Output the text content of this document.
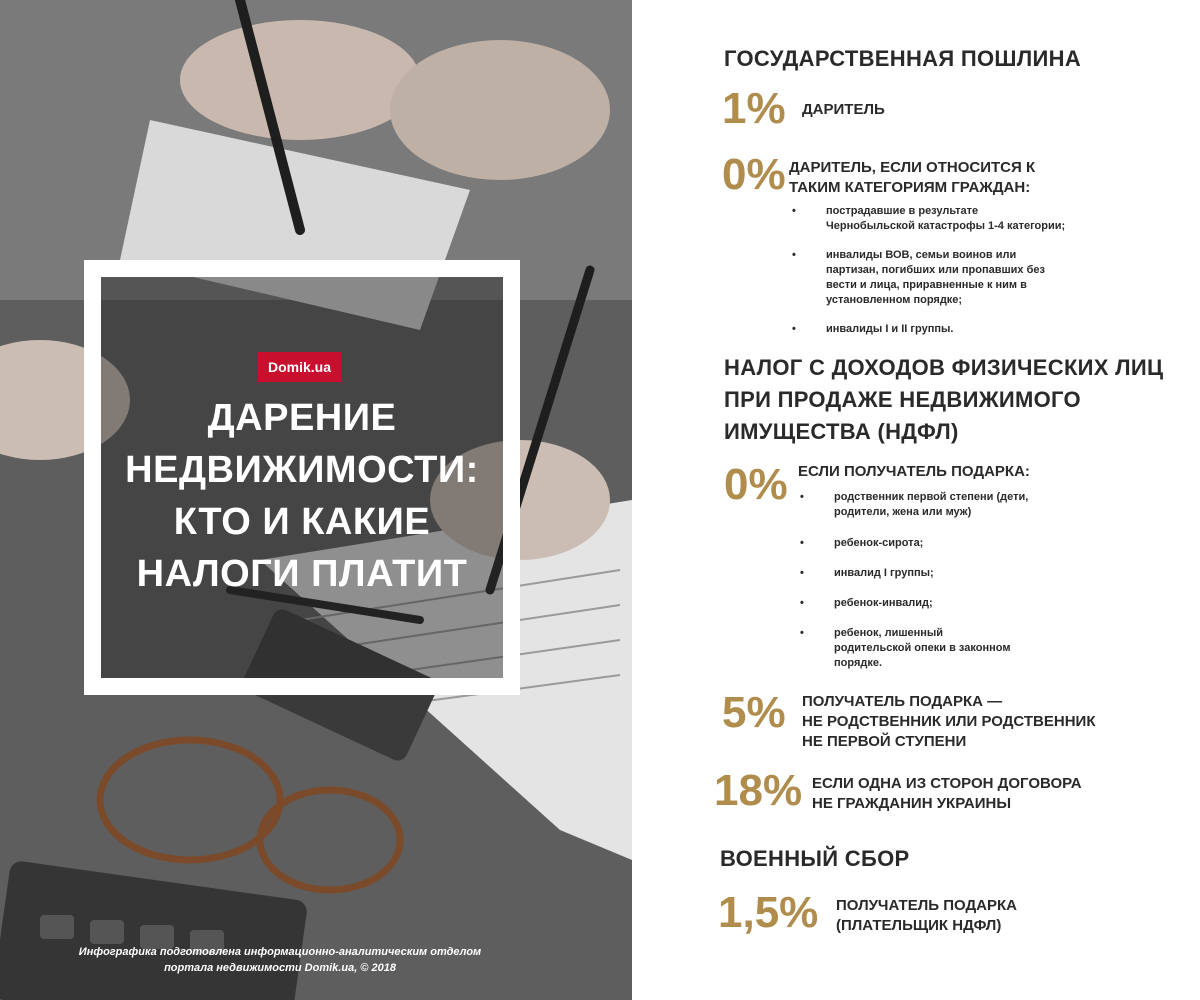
Domik.ua
ДАРЕНИЕ
НЕДВИЖИМОСТИ:
КТО И КАКИЕ
НАЛОГИ ПЛАТИТ
Инфографика подготовлена информационно-аналитическим отделом
портала недвижимости Domik.ua, © 2018
ГОСУДАРСТВЕННАЯ ПОШЛИНА
1% ДАРИТЕЛЬ
0% ДАРИТЕЛЬ, ЕСЛИ ОТНОСИТСЯ К
ТАКИМ КАТЕГОРИЯМ ГРАЖДАН:
• пострадавшие в результате
Чернобыльской катастрофы 1-4 категории;
• инвалиды ВОВ, семьи воинов или
партизан, погибших или пропавших без
вести и лица, приравненные к ним в
установленном порядке;
• инвалиды I и II группы.
НАЛОГ С ДОХОДОВ ФИЗИЧЕСКИХ ЛИЦ
ПРИ ПРОДАЖЕ НЕДВИЖИМОГО
ИМУЩЕСТВА (НДФЛ)
0% ЕСЛИ ПОЛУЧАТЕЛЬ ПОДАРКА:
• родственник первой степени (дети,
родители, жена или муж)
• ребенок-сирота;
• инвалид I группы;
• ребенок-инвалид;
• ребенок, лишенный
родительской опеки в законном
порядке.
5% ПОЛУЧАТЕЛЬ ПОДАРКА —
НЕ РОДСТВЕННИК ИЛИ РОДСТВЕННИК
НЕ ПЕРВОЙ СТУПЕНИ
18% ЕСЛИ ОДНА ИЗ СТОРОН ДОГОВОРА
НЕ ГРАЖДАНИН УКРАИНЫ
ВОЕННЫЙ СБОР
1,5% ПОЛУЧАТЕЛЬ ПОДАРКА
(ПЛАТЕЛЬЩИК НДФЛ)
